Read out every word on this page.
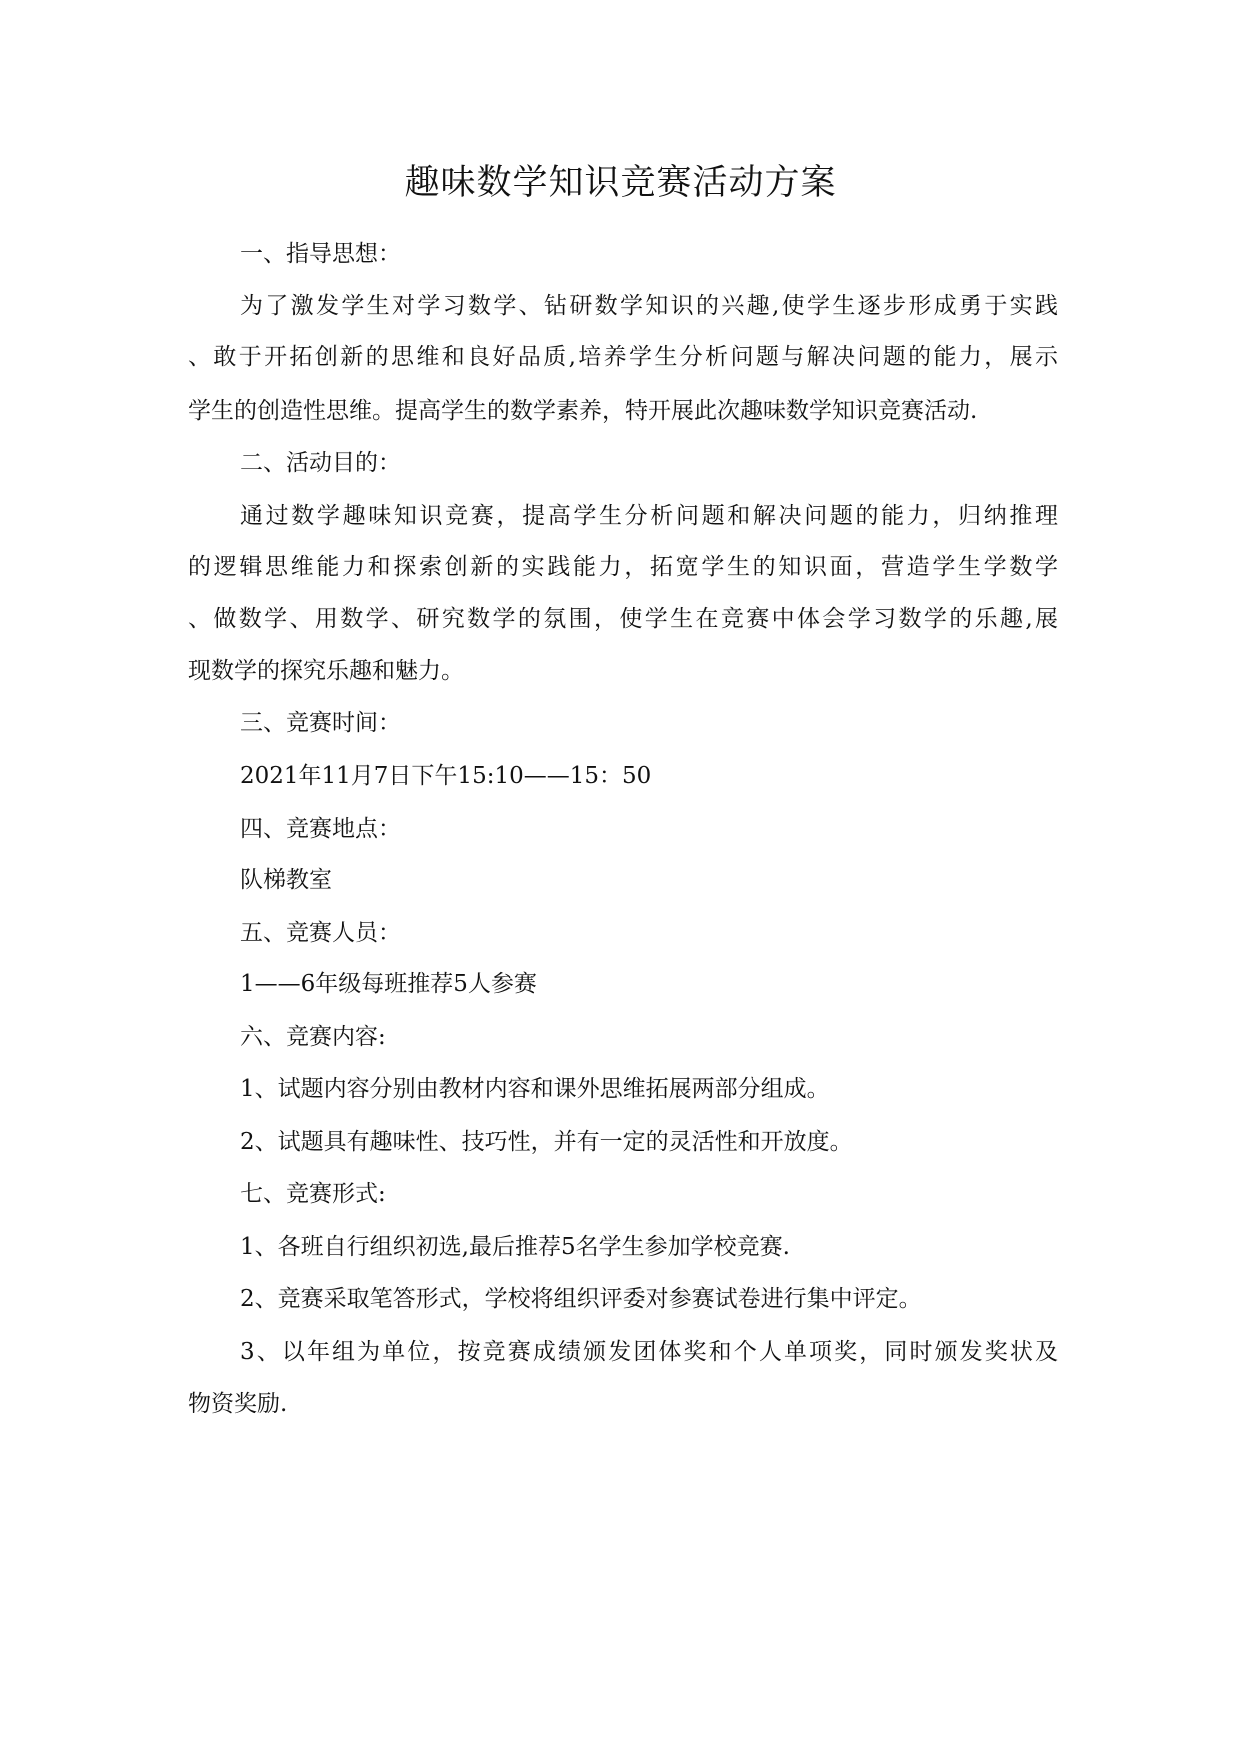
趣味数学知识竞赛活动方案

一、指导思想：

为了激发学生对学习数学、钻研数学知识的兴趣,使学生逐步形成勇于实践

、敢于开拓创新的思维和良好品质,培养学生分析问题与解决问题的能力，展示

学生的创造性思维。提高学生的数学素养，特开展此次趣味数学知识竞赛活动.

二、活动目的：

通过数学趣味知识竞赛，提高学生分析问题和解决问题的能力，归纳推理

的逻辑思维能力和探索创新的实践能力，拓宽学生的知识面，营造学生学数学

、做数学、用数学、研究数学的氛围，使学生在竞赛中体会学习数学的乐趣,展

现数学的探究乐趣和魅力。

三、竞赛时间：

2021年11月7日下午15:10——15：50

四、竞赛地点：

队梯教室

五、竞赛人员：

1——6年级每班推荐5人参赛

六、竞赛内容:

1、试题内容分别由教材内容和课外思维拓展两部分组成。

2、试题具有趣味性、技巧性，并有一定的灵活性和开放度。

七、竞赛形式:

1、各班自行组织初选,最后推荐5名学生参加学校竞赛.

2、竞赛采取笔答形式，学校将组织评委对参赛试卷进行集中评定。

3、以年组为单位，按竞赛成绩颁发团体奖和个人单项奖，同时颁发奖状及

物资奖励.
